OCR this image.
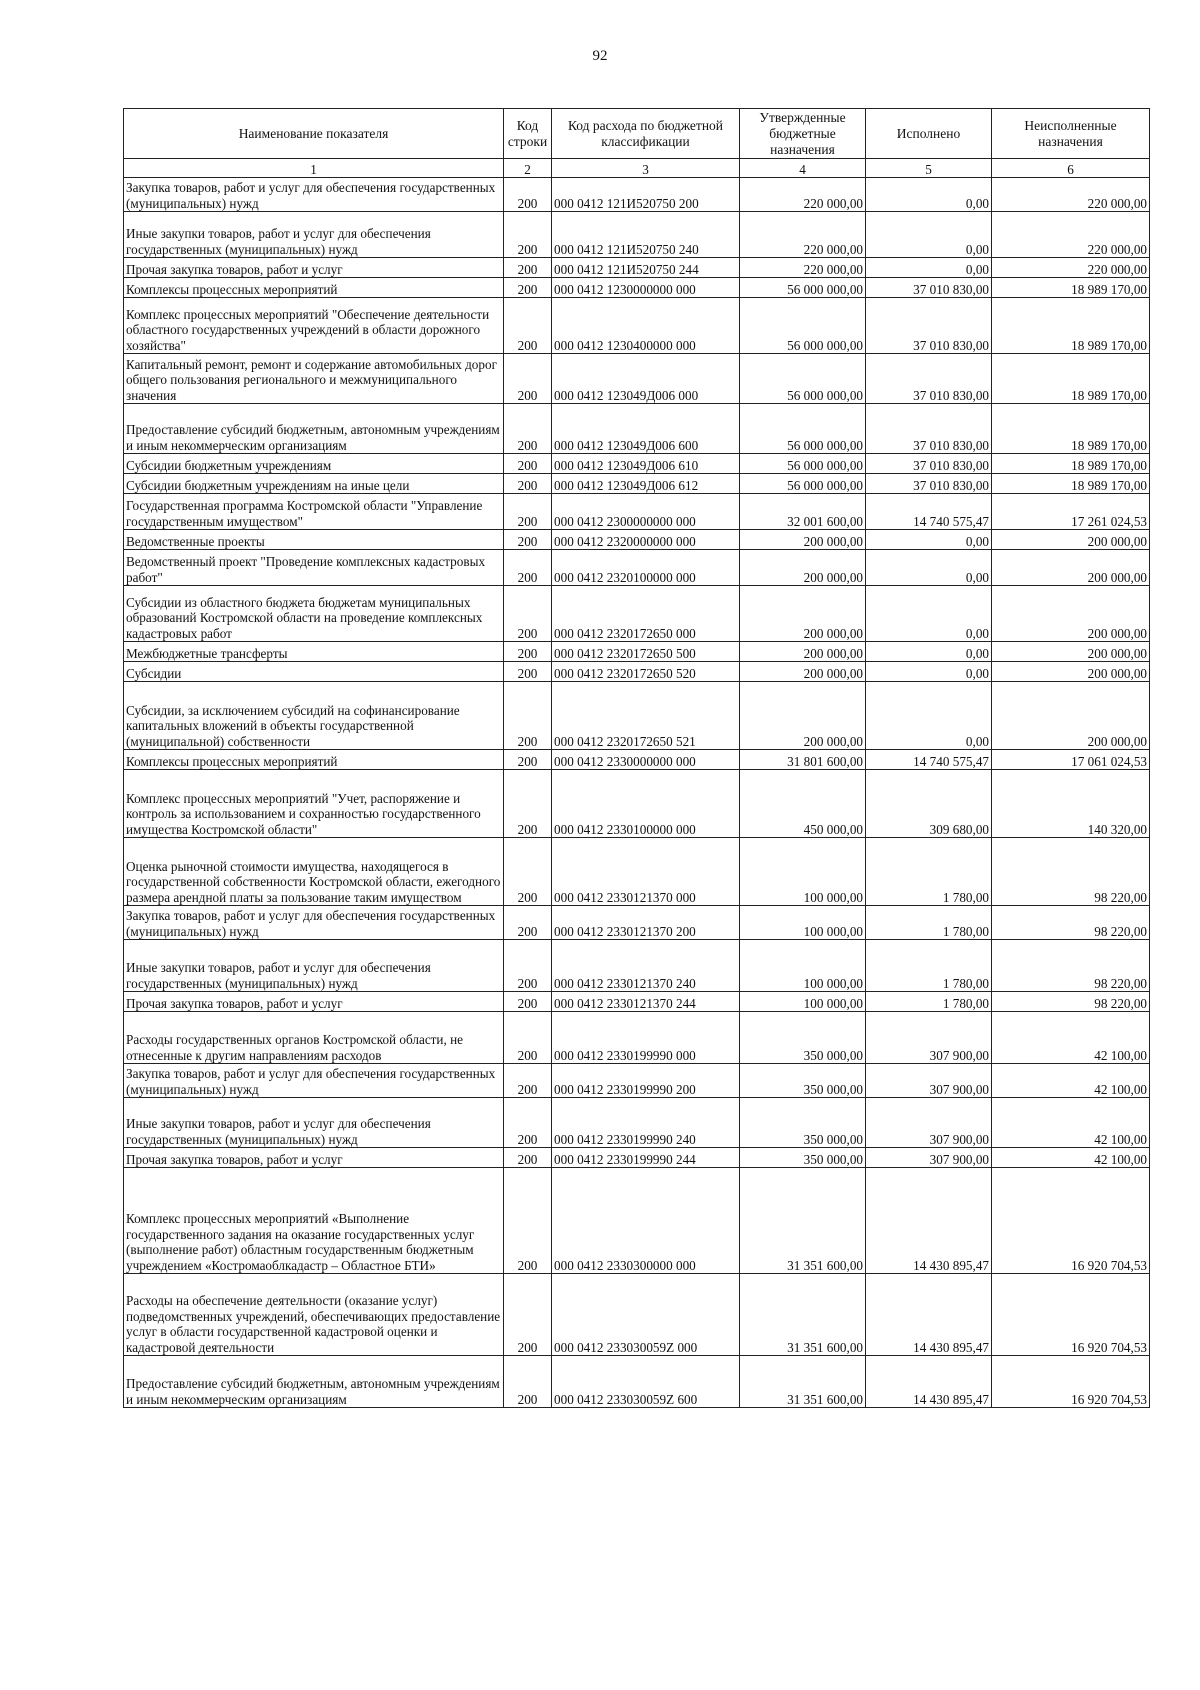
92
Наименование показателя	Код строки	Код расхода по бюджетной классификации	Утвержденные бюджетные назначения	Исполнено	Неисполненные назначения
1	2	3	4	5	6
Закупка товаров, работ и услуг для обеспечения государственных (муниципальных) нужд	200	000 0412 121И520750 200	220 000,00	0,00	220 000,00
Иные закупки товаров, работ и услуг для обеспечения государственных (муниципальных) нужд	200	000 0412 121И520750 240	220 000,00	0,00	220 000,00
Прочая закупка товаров, работ и услуг	200	000 0412 121И520750 244	220 000,00	0,00	220 000,00
Комплексы процессных мероприятий	200	000 0412 1230000000 000	56 000 000,00	37 010 830,00	18 989 170,00
Комплекс процессных мероприятий "Обеспечение деятельности областного государственных учреждений в области дорожного хозяйства"	200	000 0412 1230400000 000	56 000 000,00	37 010 830,00	18 989 170,00
Капитальный ремонт, ремонт и содержание автомобильных дорог общего пользования регионального и межмуниципального значения	200	000 0412 123049Д006 000	56 000 000,00	37 010 830,00	18 989 170,00
Предоставление субсидий бюджетным, автономным учреждениям и иным некоммерческим организациям	200	000 0412 123049Д006 600	56 000 000,00	37 010 830,00	18 989 170,00
Субсидии бюджетным учреждениям	200	000 0412 123049Д006 610	56 000 000,00	37 010 830,00	18 989 170,00
Субсидии бюджетным учреждениям на иные цели	200	000 0412 123049Д006 612	56 000 000,00	37 010 830,00	18 989 170,00
Государственная программа Костромской области "Управление государственным имуществом"	200	000 0412 2300000000 000	32 001 600,00	14 740 575,47	17 261 024,53
Ведомственные проекты	200	000 0412 2320000000 000	200 000,00	0,00	200 000,00
Ведомственный проект "Проведение комплексных кадастровых работ"	200	000 0412 2320100000 000	200 000,00	0,00	200 000,00
Субсидии из областного бюджета бюджетам муниципальных образований Костромской области на проведение комплексных кадастровых работ	200	000 0412 2320172650 000	200 000,00	0,00	200 000,00
Межбюджетные трансферты	200	000 0412 2320172650 500	200 000,00	0,00	200 000,00
Субсидии	200	000 0412 2320172650 520	200 000,00	0,00	200 000,00
Субсидии, за исключением субсидий на софинансирование капитальных вложений в объекты государственной (муниципальной) собственности	200	000 0412 2320172650 521	200 000,00	0,00	200 000,00
Комплексы процессных мероприятий	200	000 0412 2330000000 000	31 801 600,00	14 740 575,47	17 061 024,53
Комплекс процессных мероприятий "Учет, распоряжение и контроль за использованием и сохранностью государственного имущества Костромской области"	200	000 0412 2330100000 000	450 000,00	309 680,00	140 320,00
Оценка рыночной стоимости имущества, находящегося в государственной собственности Костромской области, ежегодного размера арендной платы за пользование таким имуществом	200	000 0412 2330121370 000	100 000,00	1 780,00	98 220,00
Закупка товаров, работ и услуг для обеспечения государственных (муниципальных) нужд	200	000 0412 2330121370 200	100 000,00	1 780,00	98 220,00
Иные закупки товаров, работ и услуг для обеспечения государственных (муниципальных) нужд	200	000 0412 2330121370 240	100 000,00	1 780,00	98 220,00
Прочая закупка товаров, работ и услуг	200	000 0412 2330121370 244	100 000,00	1 780,00	98 220,00
Расходы государственных органов Костромской области, не отнесенные к другим направлениям расходов	200	000 0412 2330199990 000	350 000,00	307 900,00	42 100,00
Закупка товаров, работ и услуг для обеспечения государственных (муниципальных) нужд	200	000 0412 2330199990 200	350 000,00	307 900,00	42 100,00
Иные закупки товаров, работ и услуг для обеспечения государственных (муниципальных) нужд	200	000 0412 2330199990 240	350 000,00	307 900,00	42 100,00
Прочая закупка товаров, работ и услуг	200	000 0412 2330199990 244	350 000,00	307 900,00	42 100,00
Комплекс процессных мероприятий «Выполнение государственного задания на оказание государственных услуг (выполнение работ) областным государственным бюджетным учреждением «Костромаоблкадастр – Областное БТИ»	200	000 0412 2330300000 000	31 351 600,00	14 430 895,47	16 920 704,53
Расходы на обеспечение деятельности (оказание услуг) подведомственных учреждений, обеспечивающих предоставление услуг в области государственной кадастровой оценки и кадастровой деятельности	200	000 0412 233030059Z 000	31 351 600,00	14 430 895,47	16 920 704,53
Предоставление субсидий бюджетным, автономным учреждениям и иным некоммерческим организациям	200	000 0412 233030059Z 600	31 351 600,00	14 430 895,47	16 920 704,53
